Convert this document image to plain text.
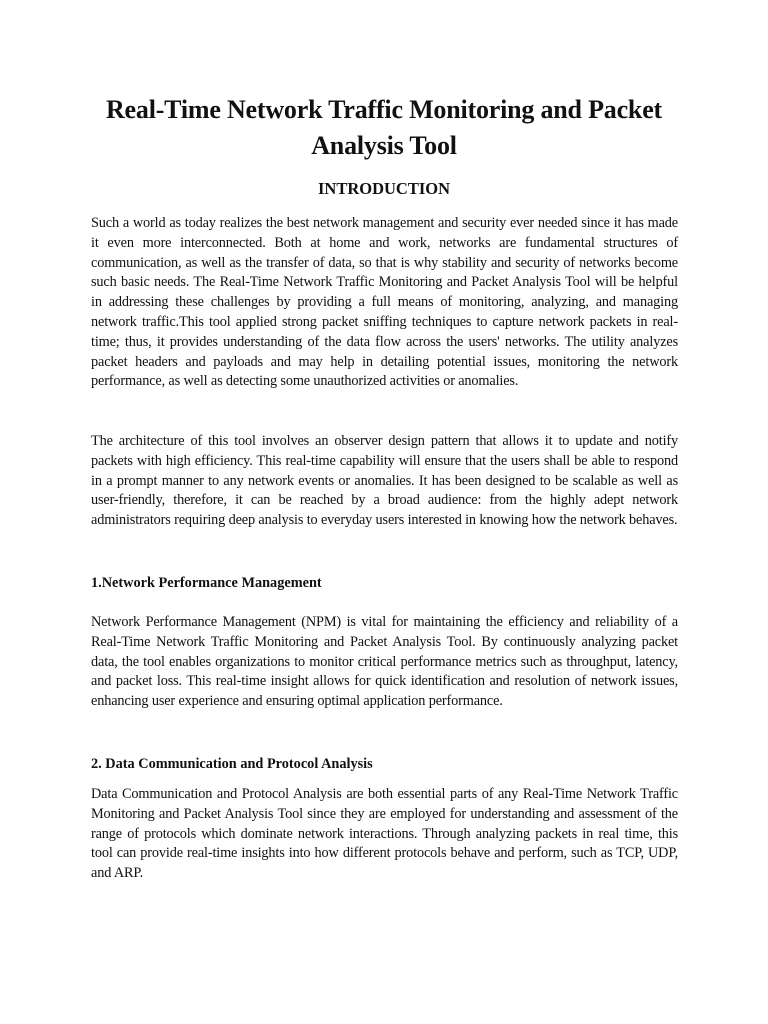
Real-Time Network Traffic Monitoring and Packet Analysis Tool
INTRODUCTION

Such a world as today realizes the best network management and security ever needed since it has made it even more interconnected. Both at home and work, networks are fundamental structures of communication, as well as the transfer of data, so that is why stability and security of networks become such basic needs. The Real-Time Network Traffic Monitoring and Packet Analysis Tool will be helpful in addressing these challenges by providing a full means of monitoring, analyzing, and managing network traffic.This tool applied strong packet sniffing techniques to capture network packets in real-time; thus, it provides understanding of the data flow across the users' networks. The utility analyzes packet headers and payloads and may help in detailing potential issues, monitoring the network performance, as well as detecting some unauthorized activities or anomalies.

The architecture of this tool involves an observer design pattern that allows it to update and notify packets with high efficiency. This real-time capability will ensure that the users shall be able to respond in a prompt manner to any network events or anomalies. It has been designed to be scalable as well as user-friendly, therefore, it can be reached by a broad audience: from the highly adept network administrators requiring deep analysis to everyday users interested in knowing how the network behaves.

1.Network Performance Management

Network Performance Management (NPM) is vital for maintaining the efficiency and reliability of a Real-Time Network Traffic Monitoring and Packet Analysis Tool. By continuously analyzing packet data, the tool enables organizations to monitor critical performance metrics such as throughput, latency, and packet loss. This real-time insight allows for quick identification and resolution of network issues, enhancing user experience and ensuring optimal application performance.

2. Data Communication and Protocol Analysis

Data Communication and Protocol Analysis are both essential parts of any Real-Time Network Traffic Monitoring and Packet Analysis Tool since they are employed for understanding and assessment of the range of protocols which dominate network interactions. Through analyzing packets in real time, this tool can provide real-time insights into how different protocols behave and perform, such as TCP, UDP, and ARP.
